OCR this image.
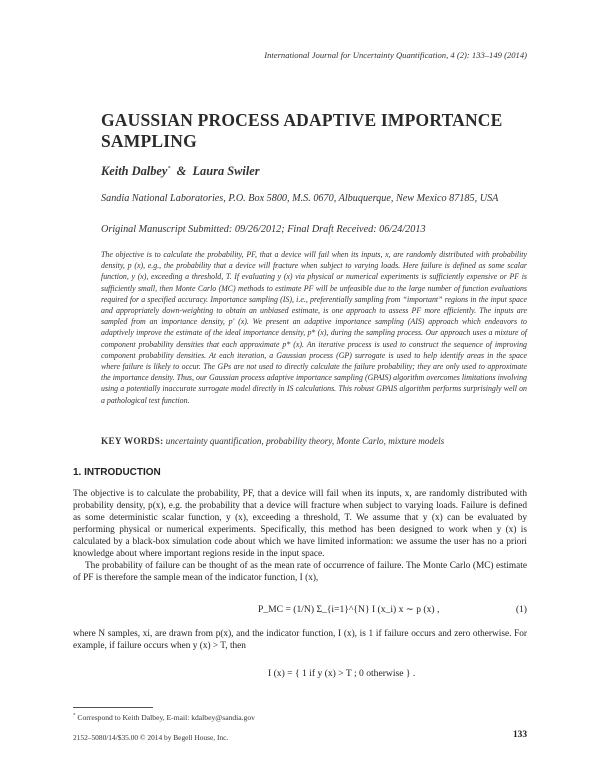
International Journal for Uncertainty Quantification, 4 (2): 133–149 (2014)
GAUSSIAN PROCESS ADAPTIVE IMPORTANCE SAMPLING
Keith Dalbey* & Laura Swiler
Sandia National Laboratories, P.O. Box 5800, M.S. 0670, Albuquerque, New Mexico 87185, USA
Original Manuscript Submitted: 09/26/2012; Final Draft Received: 06/24/2013

The objective is to calculate the probability, PF, that a device will fail when its inputs, x, are randomly distributed with probability density, p (x), e.g., the probability that a device will fracture when subject to varying loads. Here failure is defined as some scalar function, y (x), exceeding a threshold, T. If evaluating y (x) via physical or numerical experiments is sufficiently expensive or PF is sufficiently small, then Monte Carlo (MC) methods to estimate PF will be unfeasible due to the large number of function evaluations required for a specified accuracy. Importance sampling (IS), i.e., preferentially sampling from “important” regions in the input space and appropriately down-weighting to obtain an unbiased estimate, is one approach to assess PF more efficiently. The inputs are sampled from an importance density, p′ (x). We present an adaptive importance sampling (AIS) approach which endeavors to adaptively improve the estimate of the ideal importance density, p* (x), during the sampling process. Our approach uses a mixture of component probability densities that each approximate p* (x). An iterative process is used to construct the sequence of improving component probability densities. At each iteration, a Gaussian process (GP) surrogate is used to help identify areas in the space where failure is likely to occur. The GPs are not used to directly calculate the failure probability; they are only used to approximate the importance density. Thus, our Gaussian process adaptive importance sampling (GPAIS) algorithm overcomes limitations involving using a potentially inaccurate surrogate model directly in IS calculations. This robust GPAIS algorithm performs surprisingly well on a pathological test function.

KEY WORDS: uncertainty quantification, probability theory, Monte Carlo, mixture models
1. INTRODUCTION

The objective is to calculate the probability, PF, that a device will fail when its inputs, x, are randomly distributed with probability density, p(x), e.g. the probability that a device will fracture when subject to varying loads. Failure is defined as some deterministic scalar function, y (x), exceeding a threshold, T. We assume that y (x) can be evaluated by performing physical or numerical experiments. Specifically, this method has been designed to work when y (x) is calculated by a black-box simulation code about which we have limited information: we assume the user has no a priori knowledge about where important regions reside in the input space.

The probability of failure can be thought of as the mean rate of occurrence of failure. The Monte Carlo (MC) estimate of PF is therefore the sample mean of the indicator function, I (x),

P_MC = (1/N) Σ_{i=1}^{N} I (x_i) x ∼ p (x) ,	(1)

where N samples, xi, are drawn from p(x), and the indicator function, I (x), is 1 if failure occurs and zero otherwise. For example, if failure occurs when y (x) > T, then

I (x) = { 1 if y (x) > T ; 0 otherwise } .
* Correspond to Keith Dalbey, E-mail: kdalbey@sandia.gov
2152–5080/14/$35.00 © 2014 by Begell House, Inc.	133
